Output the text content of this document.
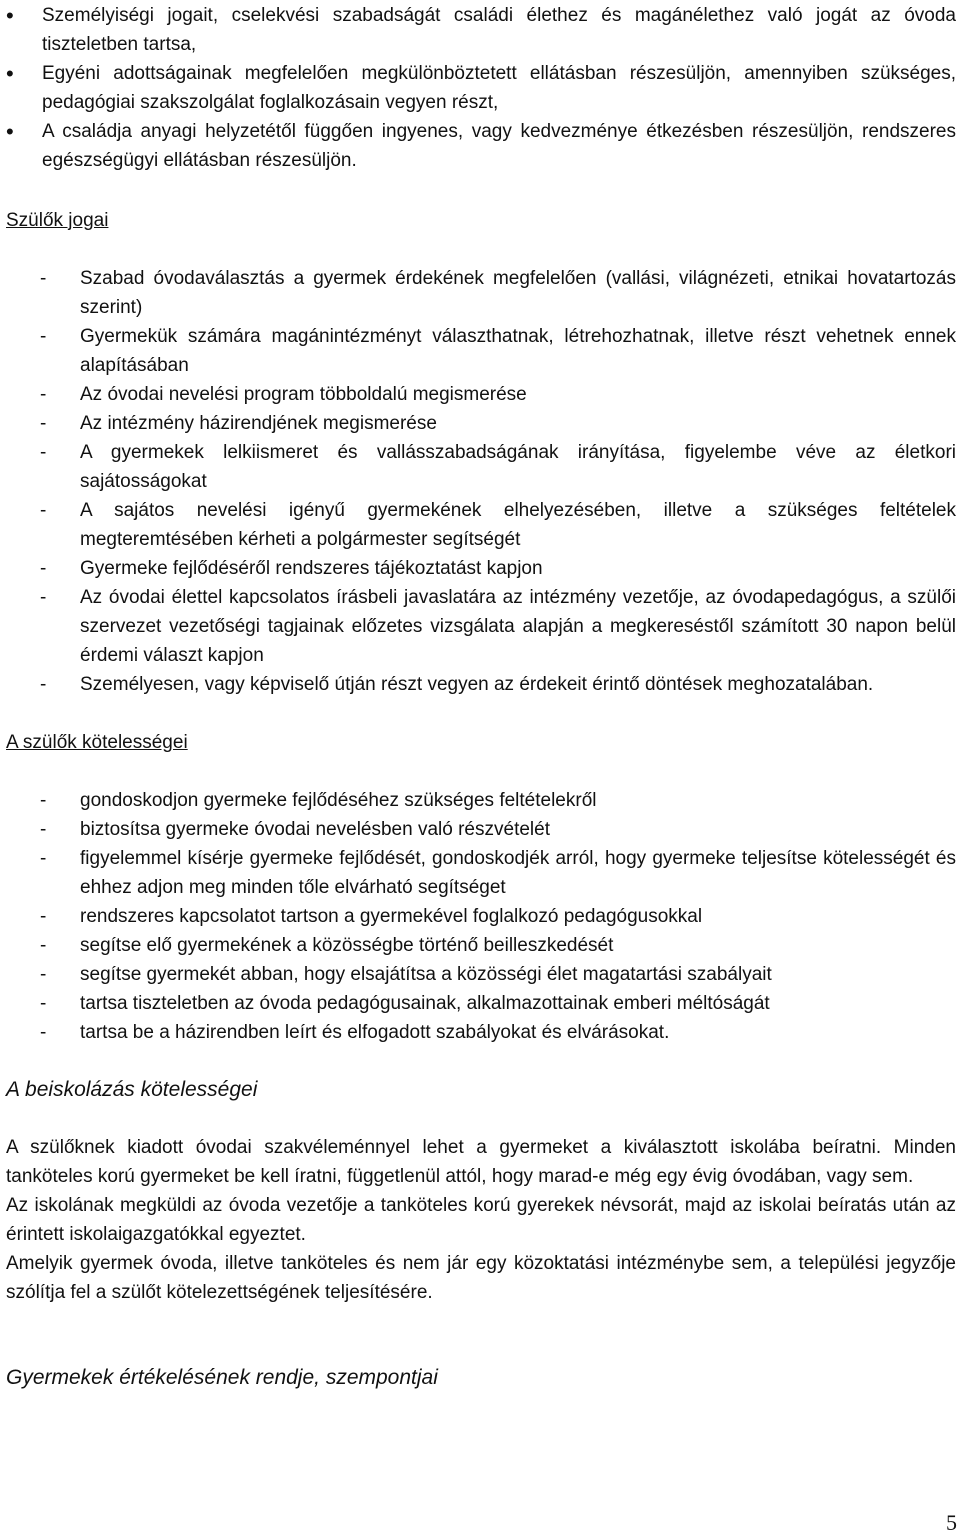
• Személyiségi jogait, cselekvési szabadságát családi élethez és magánélethez való jogát az óvoda tiszteletben tartsa,
• Egyéni adottságainak megfelelően megkülönböztetett ellátásban részesüljön, amennyiben szükséges, pedagógiai szakszolgálat foglalkozásain vegyen részt,
• A családja anyagi helyzetétől függően ingyenes, vagy kedvezménye étkezésben részesüljön, rendszeres egészségügyi ellátásban részesüljön.
Szülők jogai
- Szabad óvodaválasztás a gyermek érdekének megfelelően (vallási, világnézeti, etnikai hovatartozás szerint)
- Gyermekük számára magánintézményt választhatnak, létrehozhatnak, illetve részt vehetnek ennek alapításában
- Az óvodai nevelési program többoldalú megismerése
- Az intézmény házirendjének megismerése
- A gyermekek lelkiismeret és vallásszabadságának irányítása, figyelembe véve az életkori sajátosságokat
- A sajátos nevelési igényű gyermekének elhelyezésében, illetve a szükséges feltételek megteremtésében kérheti a polgármester segítségét
- Gyermeke fejlődéséről rendszeres tájékoztatást kapjon
- Az óvodai élettel kapcsolatos írásbeli javaslatára az intézmény vezetője, az óvodapedagógus, a szülői szervezet vezetőségi tagjainak előzetes vizsgálata alapján a megkereséstől számított 30 napon belül érdemi választ kapjon
- Személyesen, vagy képviselő útján részt vegyen az érdekeit érintő döntések meghozatalában.
A szülők kötelességei
- gondoskodjon gyermeke fejlődéséhez szükséges feltételekről
- biztosítsa gyermeke óvodai nevelésben való részvételét
- figyelemmel kísérje gyermeke fejlődését, gondoskodjék arról, hogy gyermeke teljesítse kötelességét és ehhez adjon meg minden tőle elvárható segítséget
- rendszeres kapcsolatot tartson a gyermekével foglalkozó pedagógusokkal
- segítse elő gyermekének a közösségbe történő beilleszkedését
- segítse gyermekét abban, hogy elsajátítsa a közösségi élet magatartási szabályait
- tartsa tiszteletben az óvoda pedagógusainak, alkalmazottainak emberi méltóságát
- tartsa be a házirendben leírt és elfogadott szabályokat és elvárásokat.
A beiskolázás kötelességei

A szülőknek kiadott óvodai szakvéleménnyel lehet a gyermeket a kiválasztott iskolába beíratni. Minden tanköteles korú gyermeket be kell íratni, függetlenül attól, hogy marad-e még egy évig óvodában, vagy sem.

Az iskolának megküldi az óvoda vezetője a tanköteles korú gyerekek névsorát, majd az iskolai beíratás után az érintett iskolaigazgatókkal egyeztet.

Amelyik gyermek óvoda, illetve tanköteles és nem jár egy közoktatási intézménybe sem, a települési jegyzője szólítja fel a szülőt kötelezettségének teljesítésére.

Gyermekek értékelésének rendje, szempontjai
5
